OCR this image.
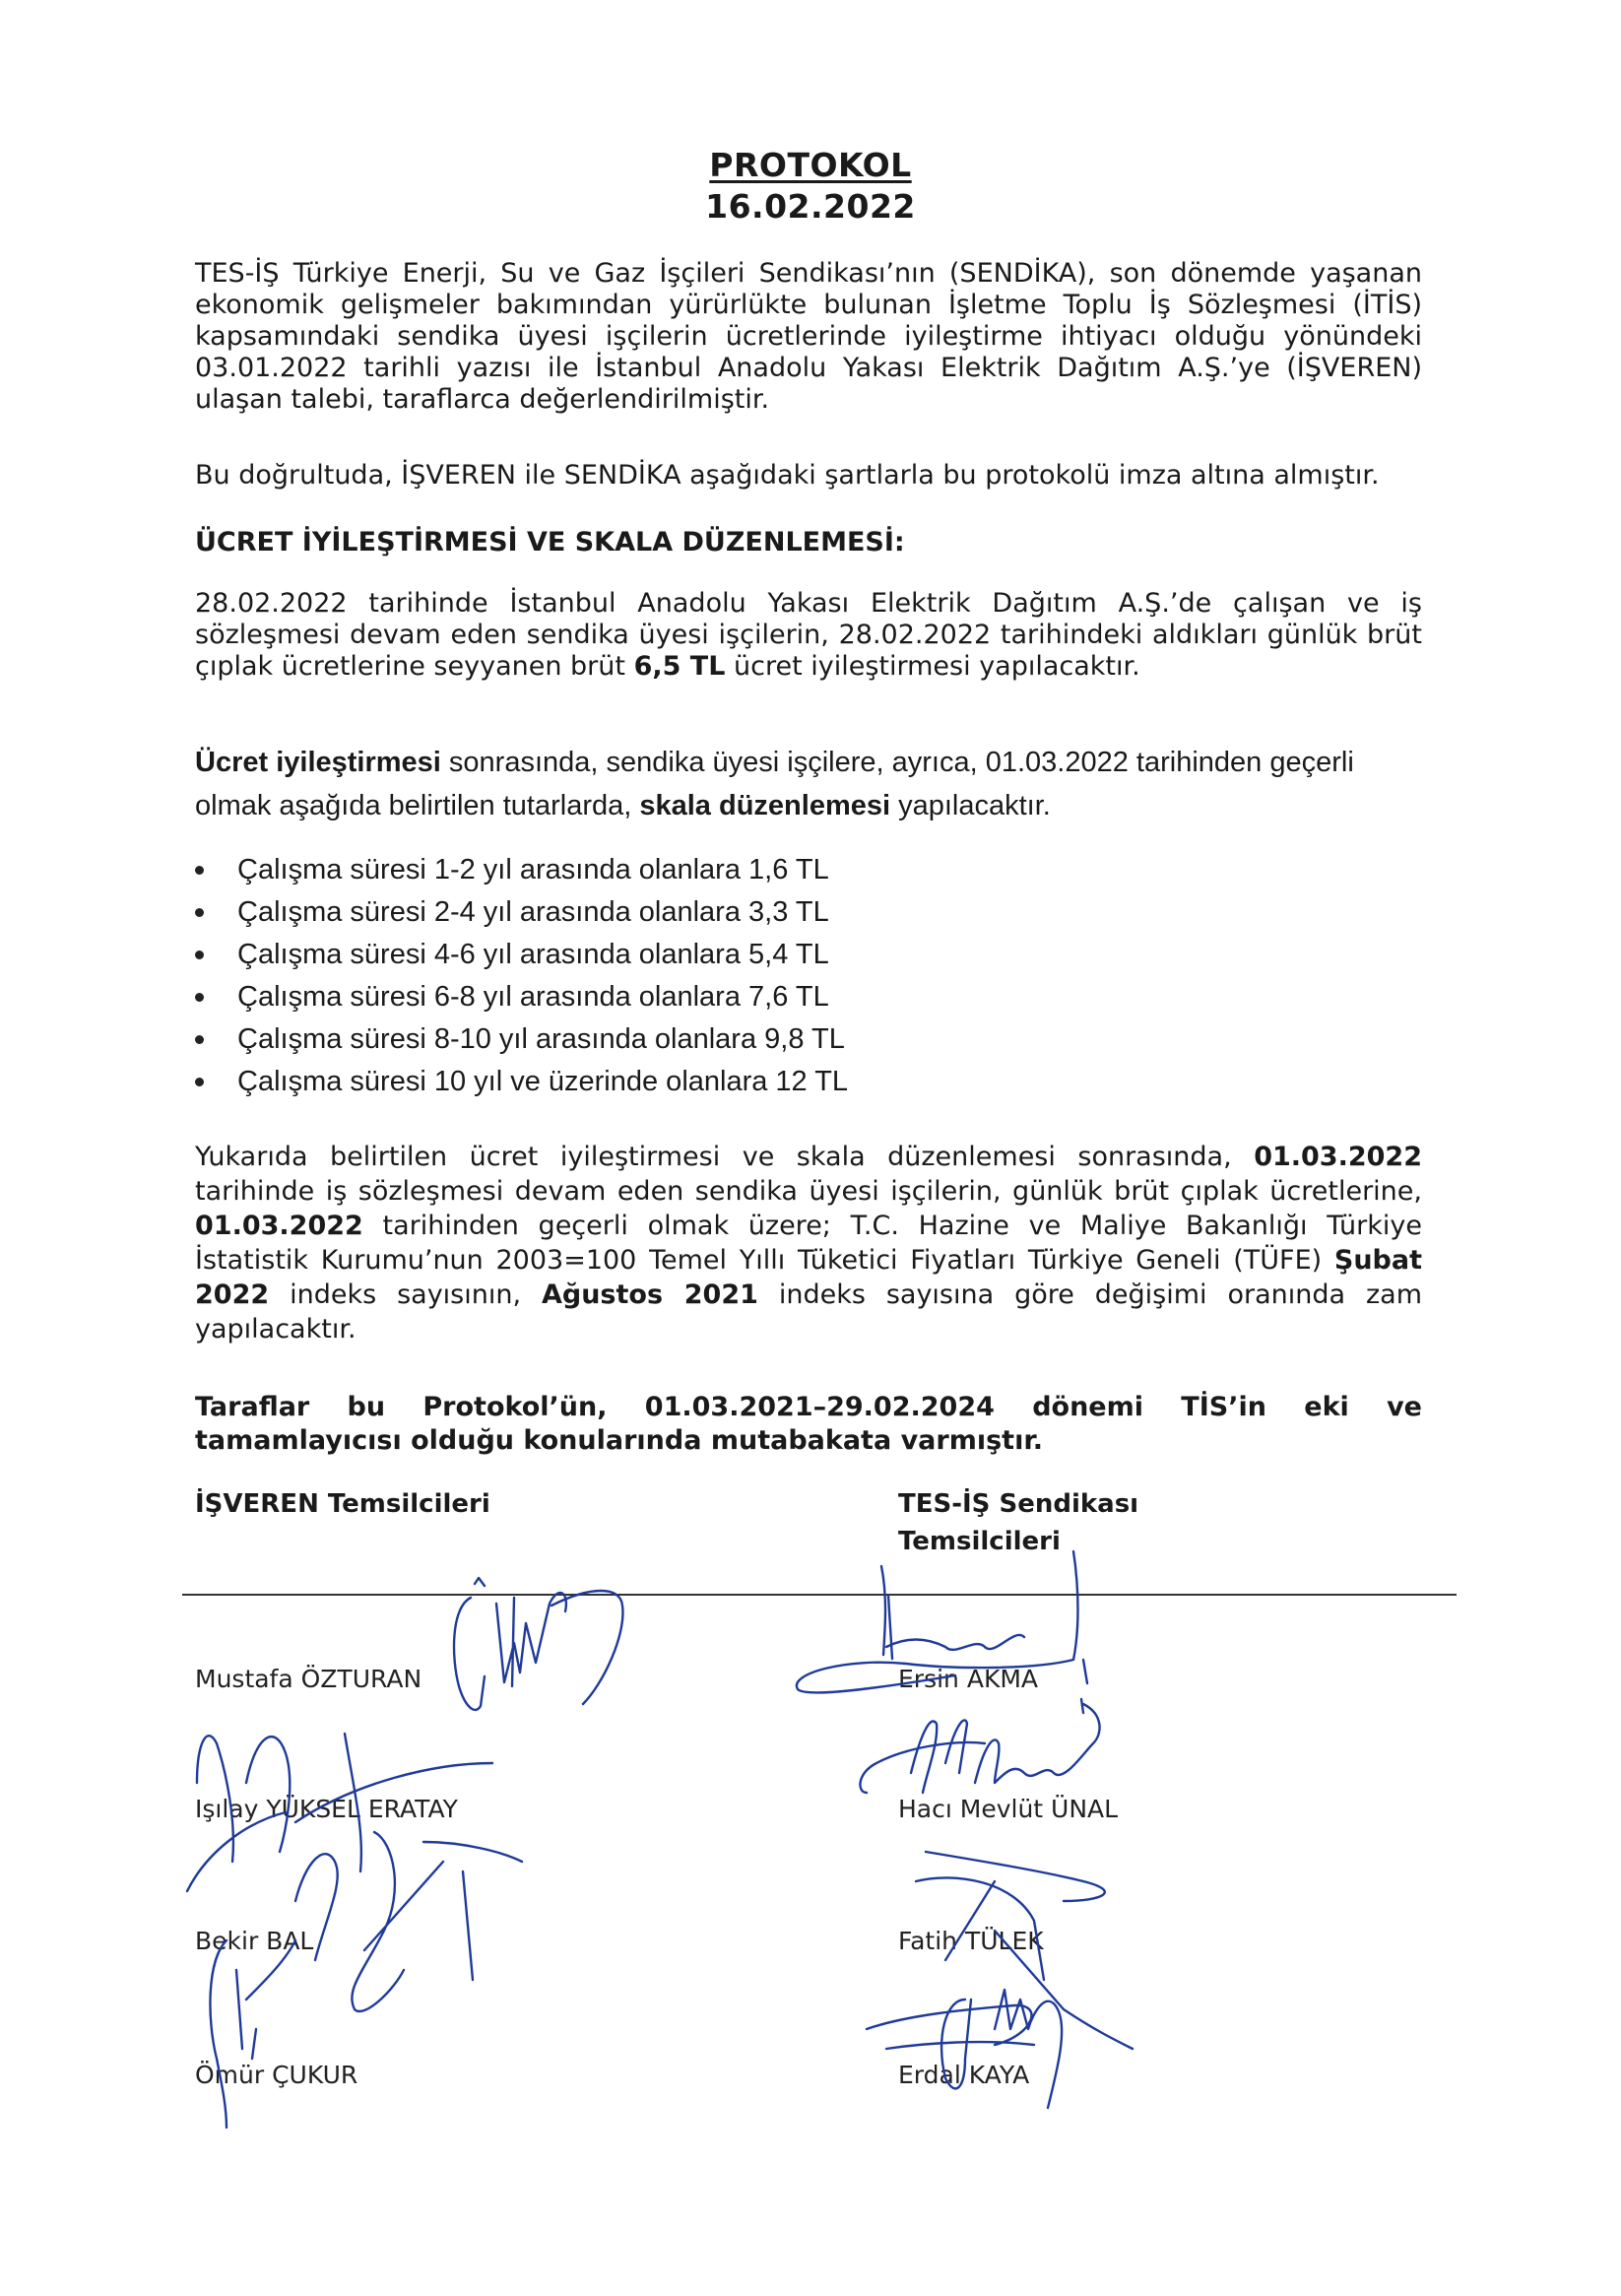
PROTOKOL
16.02.2022
TES-İŞ Türkiye Enerji, Su ve Gaz İşçileri Sendikası’nın (SENDİKA), son dönemde yaşanan ekonomik gelişmeler bakımından yürürlükte bulunan İşletme Toplu İş Sözleşmesi (İTİS) kapsamındaki sendika üyesi işçilerin ücretlerinde iyileştirme ihtiyacı olduğu yönündeki 03.01.2022 tarihli yazısı ile İstanbul Anadolu Yakası Elektrik Dağıtım A.Ş.’ye (İŞVEREN) ulaşan talebi, taraflarca değerlendirilmiştir.
Bu doğrultuda, İŞVEREN ile SENDİKA aşağıdaki şartlarla bu protokolü imza altına almıştır.
ÜCRET İYİLEŞTİRMESİ VE SKALA DÜZENLEMESİ:
28.02.2022 tarihinde İstanbul Anadolu Yakası Elektrik Dağıtım A.Ş.’de çalışan ve iş sözleşmesi devam eden sendika üyesi işçilerin, 28.02.2022 tarihindeki aldıkları günlük brüt çıplak ücretlerine seyyanen brüt 6,5 TL ücret iyileştirmesi yapılacaktır.
Ücret iyileştirmesi sonrasında, sendika üyesi işçilere, ayrıca, 01.03.2022 tarihinden geçerli olmak aşağıda belirtilen tutarlarda, skala düzenlemesi yapılacaktır.
Çalışma süresi 1-2 yıl arasında olanlara 1,6 TL
Çalışma süresi 2-4 yıl arasında olanlara 3,3 TL
Çalışma süresi 4-6 yıl arasında olanlara 5,4 TL
Çalışma süresi 6-8 yıl arasında olanlara 7,6 TL
Çalışma süresi 8-10 yıl arasında olanlara 9,8 TL
Çalışma süresi 10 yıl ve üzerinde olanlara 12 TL
Yukarıda belirtilen ücret iyileştirmesi ve skala düzenlemesi sonrasında, 01.03.2022 tarihinde iş sözleşmesi devam eden sendika üyesi işçilerin, günlük brüt çıplak ücretlerine, 01.03.2022 tarihinden geçerli olmak üzere; T.C. Hazine ve Maliye Bakanlığı Türkiye İstatistik Kurumu’nun 2003=100 Temel Yıllı Tüketici Fiyatları Türkiye Geneli (TÜFE) Şubat 2022 indeks sayısının, Ağustos 2021 indeks sayısına göre değişimi oranında zam yapılacaktır.
Taraflar bu Protokol’ün, 01.03.2021–29.02.2024 dönemi TİS’in eki ve tamamlayıcısı olduğu konularında mutabakata varmıştır.
İŞVEREN Temsilcileri	TES-İŞ Sendikası
Temsilcileri
Mustafa ÖZTURAN
Işılay YÜKSEL ERATAY
Bekir BAL
Ömür ÇUKUR
Ersin AKMA
Hacı Mevlüt ÜNAL
Fatih TÜLEK
Erdal KAYA
